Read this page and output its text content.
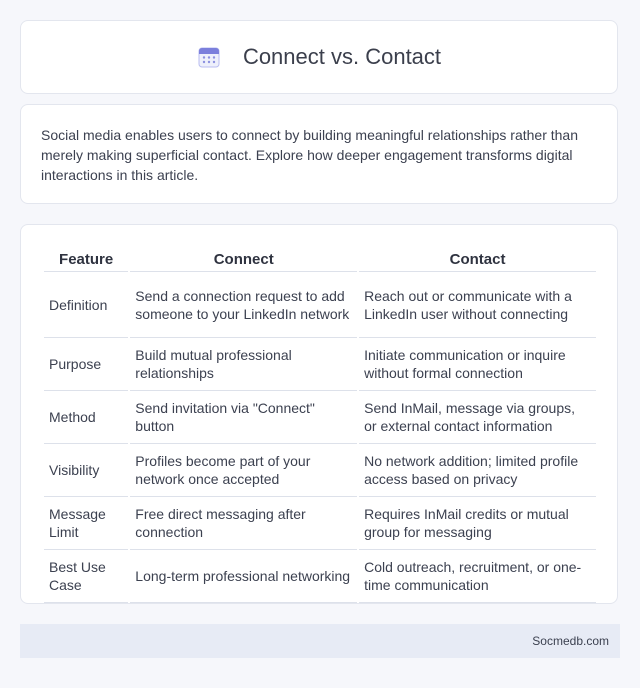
Connect vs. Contact
Social media enables users to connect by building meaningful relationships rather than merely making superficial contact. Explore how deeper engagement transforms digital interactions in this article.
Feature	Connect	Contact
Definition	Send a connection request to add someone to your LinkedIn network	Reach out or communicate with a LinkedIn user without connecting
Purpose	Build mutual professional relationships	Initiate communication or inquire without formal connection
Method	Send invitation via "Connect" button	Send InMail, message via groups, or external contact information
Visibility	Profiles become part of your network once accepted	No network addition; limited profile access based on privacy
Message Limit	Free direct messaging after connection	Requires InMail credits or mutual group for messaging
Best Use Case	Long-term professional networking	Cold outreach, recruitment, or one-time communication
Socmedb.com
